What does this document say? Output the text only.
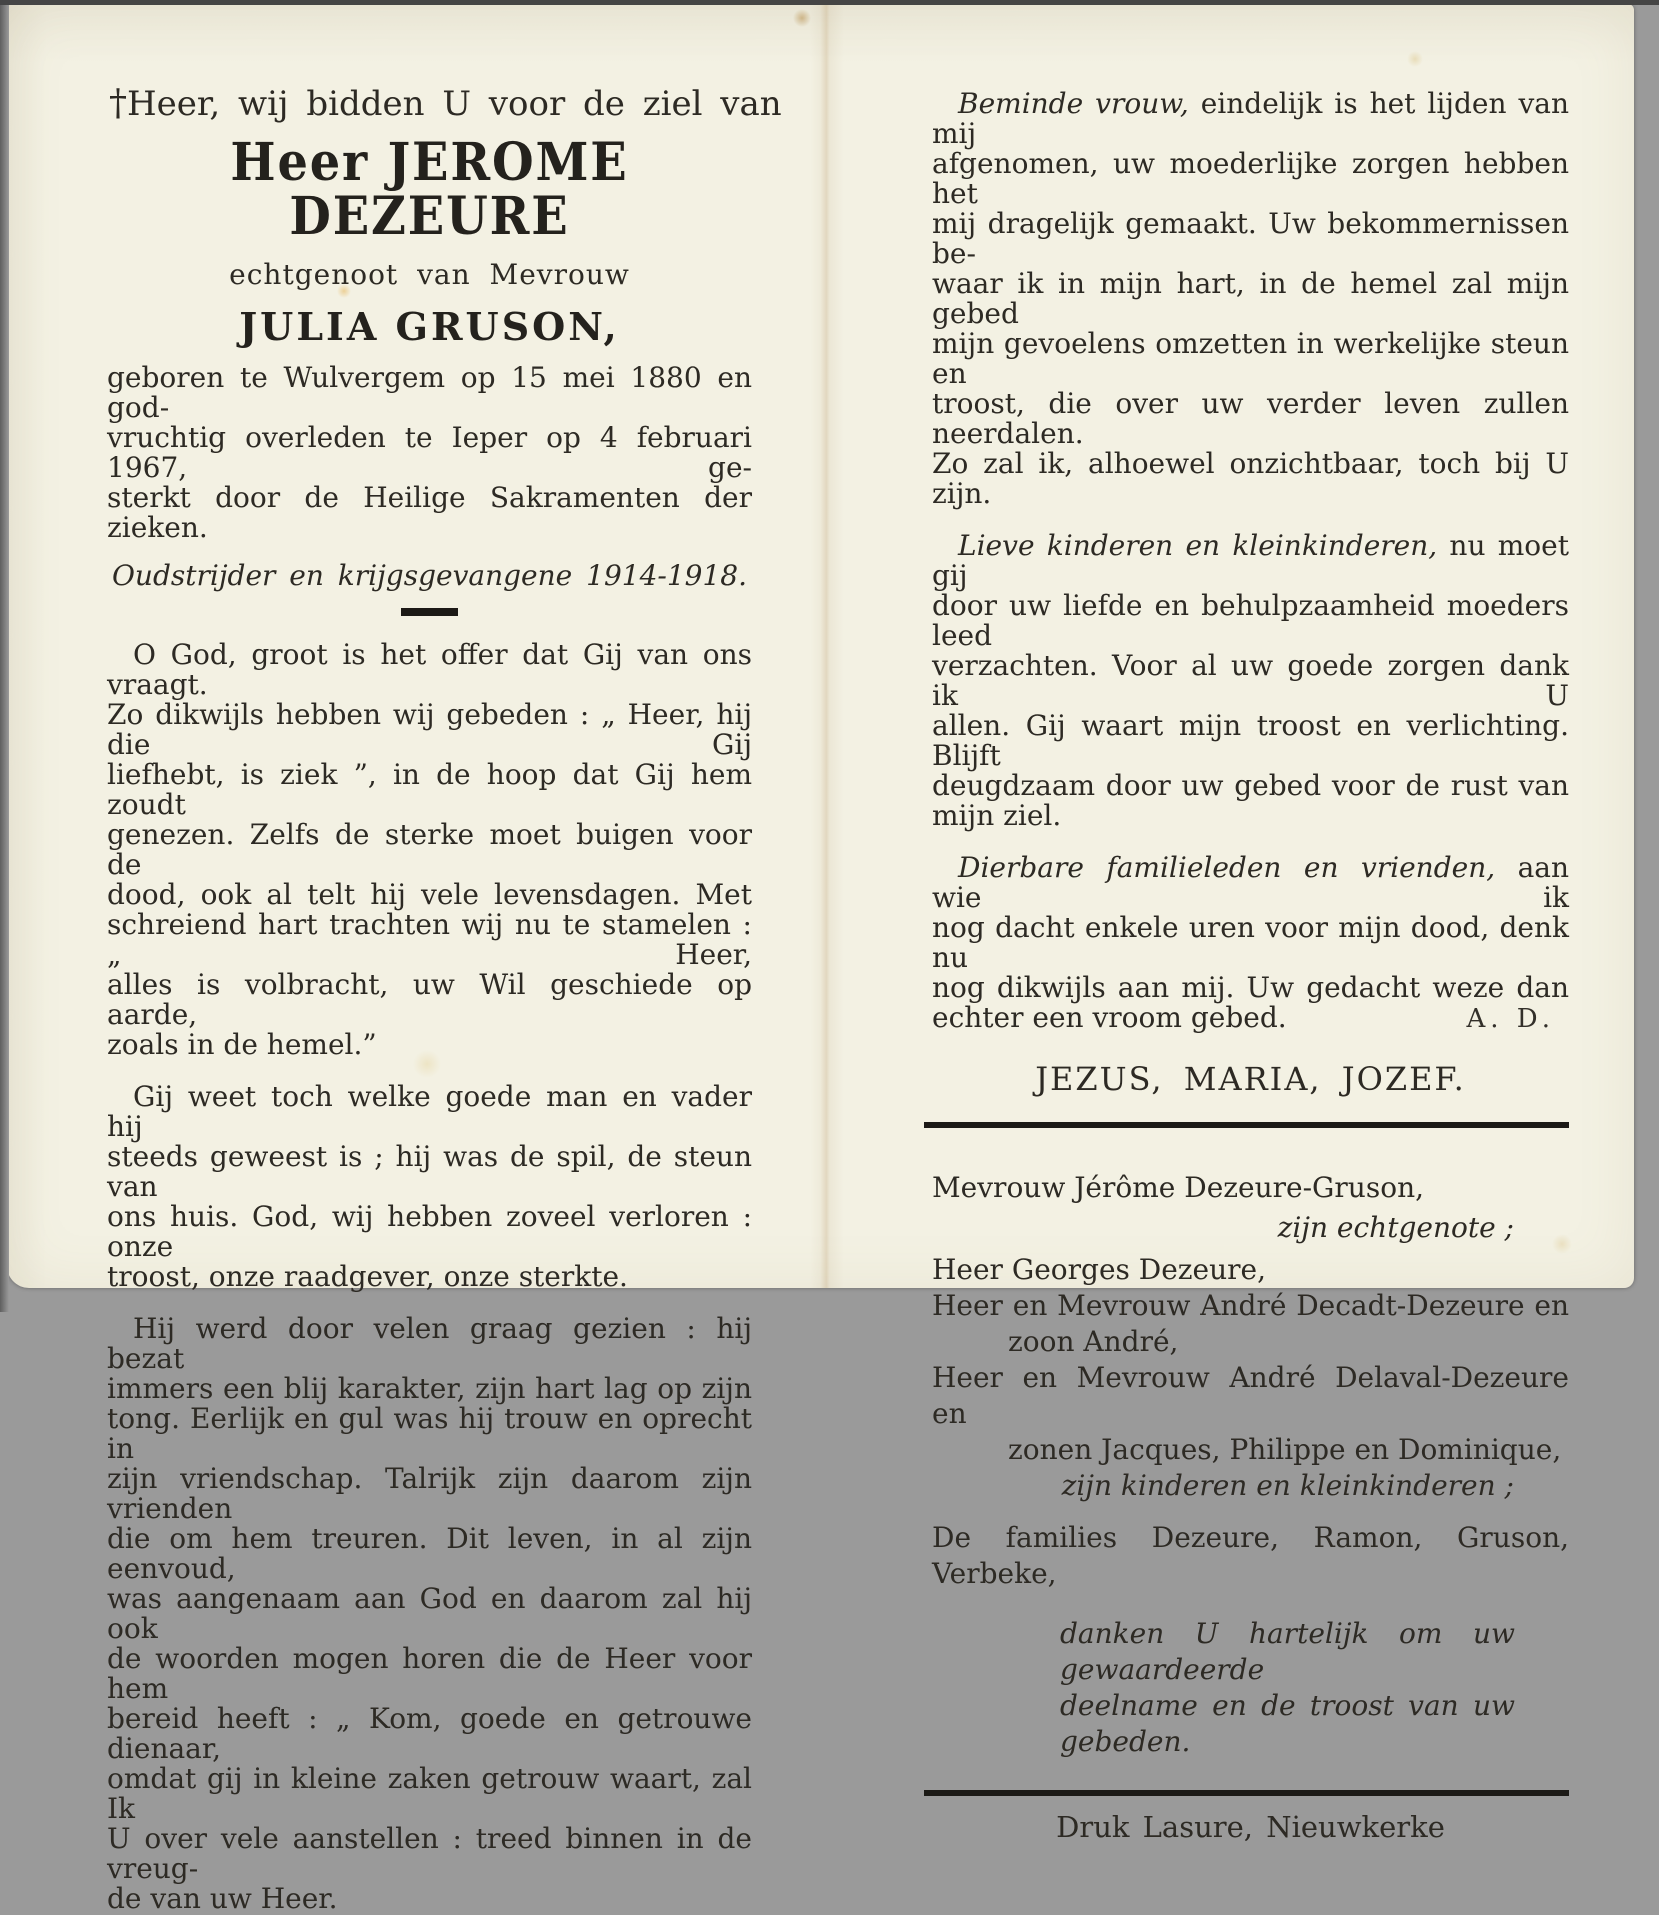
† Heer, wij bidden U voor de ziel van
Heer JEROME DEZEURE
echtgenoot van Mevrouw
JULIA GRUSON,
geboren te Wulvergem op 15 mei 1880 en god-
vruchtig overleden te Ieper op 4 februari 1967, ge-
sterkt door de Heilige Sakramenten der zieken.
Oudstrijder en krijgsgevangene 1914-1918.
O God, groot is het offer dat Gij van ons vraagt.
Zo dikwijls hebben wij gebeden : „ Heer, hij die Gij
liefhebt, is ziek ”, in de hoop dat Gij hem zoudt
genezen. Zelfs de sterke moet buigen voor de
dood, ook al telt hij vele levensdagen. Met
schreiend hart trachten wij nu te stamelen : „ Heer,
alles is volbracht, uw Wil geschiede op aarde,
zoals in de hemel.”
Gij weet toch welke goede man en vader hij
steeds geweest is ; hij was de spil, de steun van
ons huis. God, wij hebben zoveel verloren : onze
troost, onze raadgever, onze sterkte.
Hij werd door velen graag gezien : hij bezat
immers een blij karakter, zijn hart lag op zijn
tong. Eerlijk en gul was hij trouw en oprecht in
zijn vriendschap. Talrijk zijn daarom zijn vrienden
die om hem treuren. Dit leven, in al zijn eenvoud,
was aangenaam aan God en daarom zal hij ook
de woorden mogen horen die de Heer voor hem
bereid heeft : „ Kom, goede en getrouwe dienaar,
omdat gij in kleine zaken getrouw waart, zal Ik
U over vele aanstellen : treed binnen in de vreug-
de van uw Heer.
Beminde vrouw, eindelijk is het lijden van mij
afgenomen, uw moederlijke zorgen hebben het
mij dragelijk gemaakt. Uw bekommernissen be-
waar ik in mijn hart, in de hemel zal mijn gebed
mijn gevoelens omzetten in werkelijke steun en
troost, die over uw verder leven zullen neerdalen.
Zo zal ik, alhoewel onzichtbaar, toch bij U zijn.
Lieve kinderen en kleinkinderen, nu moet gij
door uw liefde en behulpzaamheid moeders leed
verzachten. Voor al uw goede zorgen dank ik U
allen. Gij waart mijn troost en verlichting. Blijft
deugdzaam door uw gebed voor de rust van
mijn ziel.
Dierbare familieleden en vrienden, aan wie ik
nog dacht enkele uren voor mijn dood, denk nu
nog dikwijls aan mij. Uw gedacht weze dan
echter een vroom gebed.	A. D.
JEZUS, MARIA, JOZEF.
Mevrouw Jérôme Dezeure-Gruson,
zijn echtgenote ;
Heer Georges Dezeure,
Heer en Mevrouw André Decadt-Dezeure en
zoon André,
Heer en Mevrouw André Delaval-Dezeure en
zonen Jacques, Philippe en Dominique,
zijn kinderen en kleinkinderen ;
De families Dezeure, Ramon, Gruson, Verbeke,
danken U hartelijk om uw gewaardeerde
deelname en de troost van uw gebeden.
Druk Lasure, Nieuwkerke
